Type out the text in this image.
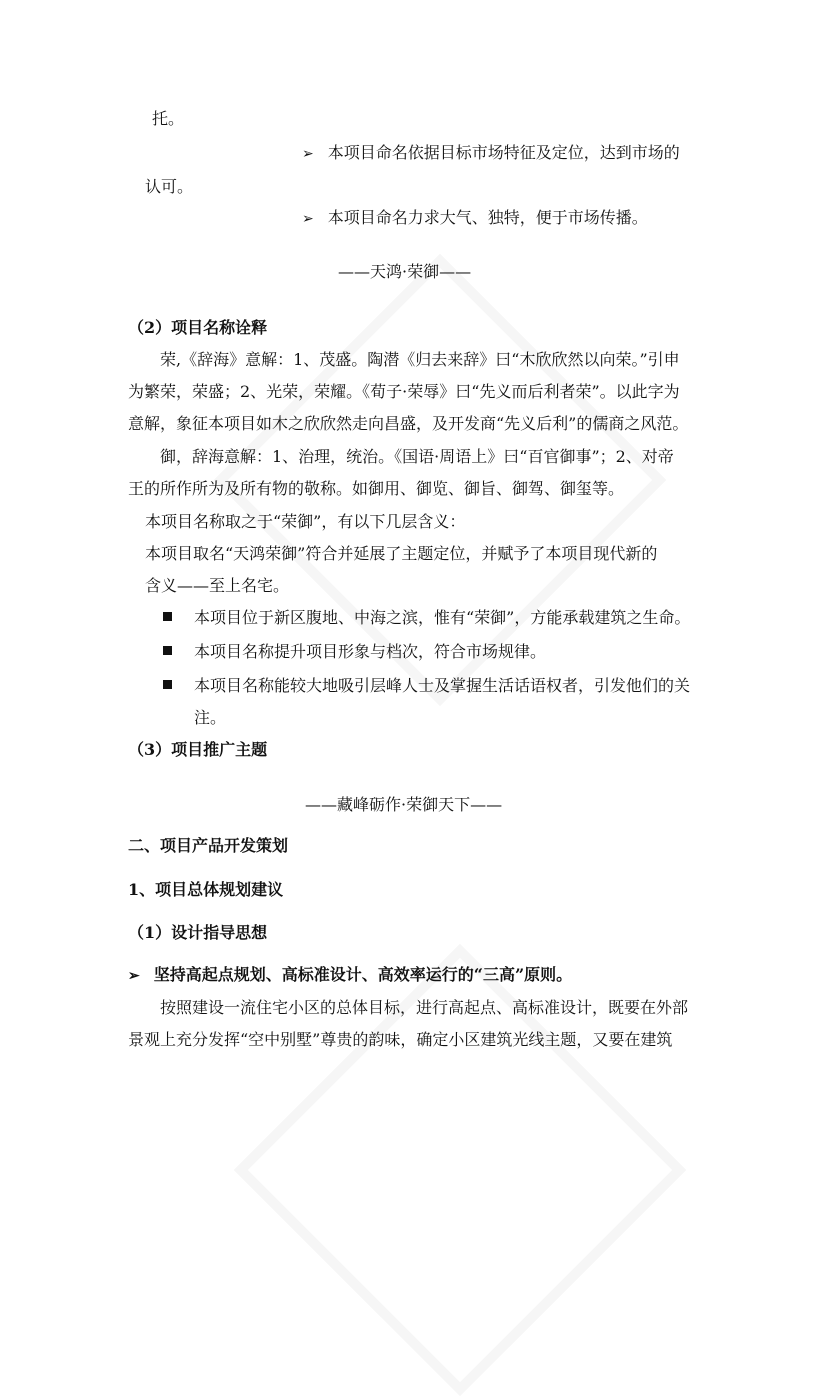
托。
➢ 本项目命名依据目标市场特征及定位，达到市场的
认可。
➢ 本项目命名力求大气、独特，便于市场传播。
——天鸿·荣御——
（2）项目名称诠释
荣,《辞海》意解：1、茂盛。陶潜《归去来辞》曰“木欣欣然以向荣。”引申
为繁荣，荣盛；2、光荣，荣耀。《荀子·荣辱》曰“先义而后利者荣”。以此字为
意解，象征本项目如木之欣欣然走向昌盛，及开发商“先义后利”的儒商之风范。
御，辞海意解：1、治理，统治。《国语·周语上》曰“百官御事”；2、对帝
王的所作所为及所有物的敬称。如御用、御览、御旨、御驾、御玺等。
本项目名称取之于“荣御”，有以下几层含义：
本项目取名“天鸿荣御”符合并延展了主题定位，并赋予了本项目现代新的
含义——至上名宅。
本项目位于新区腹地、中海之滨，惟有“荣御”，方能承载建筑之生命。
本项目名称提升项目形象与档次，符合市场规律。
本项目名称能较大地吸引层峰人士及掌握生活话语权者，引发他们的关
注。
（3）项目推广主题
——藏峰砺作·荣御天下——
二、项目产品开发策划
1、项目总体规划建议
（1）设计指导思想
➢ 坚持高起点规划、高标准设计、高效率运行的“三高”原则。
按照建设一流住宅小区的总体目标，进行高起点、高标准设计，既要在外部
景观上充分发挥“空中别墅”尊贵的韵味，确定小区建筑光线主题，又要在建筑
